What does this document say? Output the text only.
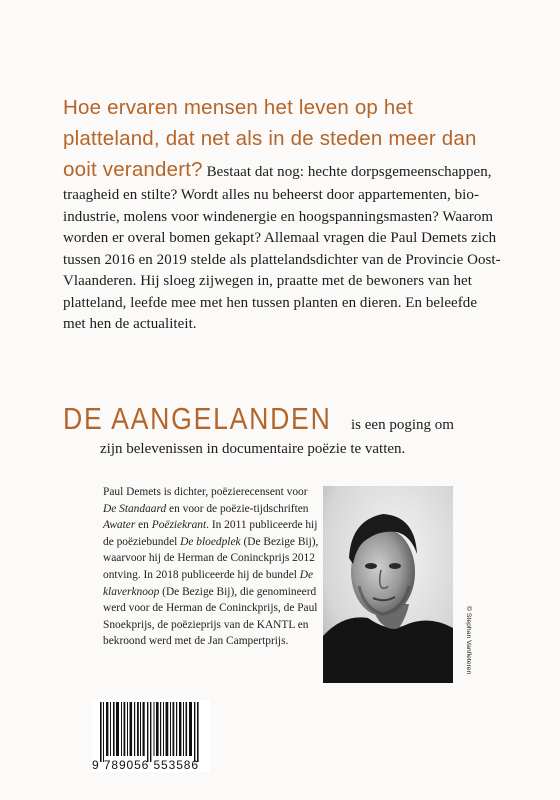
Hoe ervaren mensen het leven op het platteland, dat net als in de steden meer dan ooit verandert? Bestaat dat nog: hechte dorpsgemeenschappen, traagheid en stilte? Wordt alles nu beheerst door appartementen, bio-industrie, molens voor windenergie en hoogspanningsmasten? Waarom worden er overal bomen gekapt? Allemaal vragen die Paul Demets zich tussen 2016 en 2019 stelde als plattelandsdichter van de Provincie Oost-Vlaanderen. Hij sloeg zijwegen in, praatte met de bewoners van het platteland, leefde mee met hen tussen planten en dieren. En beleefde met hen de actualiteit.
DE AANGELANDEN is een poging om
zijn belevenissen in documentaire poëzie te vatten.
Paul Demets is dichter, poëzierecensent voor De Standaard en voor de poëzie-tijdschriften Awater en Poëziekrant. In 2011 publiceerde hij de poëziebundel De bloedplek (De Bezige Bij), waarvoor hij de Herman de Coninckprijs 2012 ontving. In 2018 publiceerde hij de bundel De klaverknoop (De Bezige Bij), die genomineerd werd voor de Herman de Coninckprijs, de Paul Snoekprijs, de poëzieprijs van de KANTL en bekroond werd met de Jan Campertprijs.	© Stephan Vanfleteren
9 789056 553586
